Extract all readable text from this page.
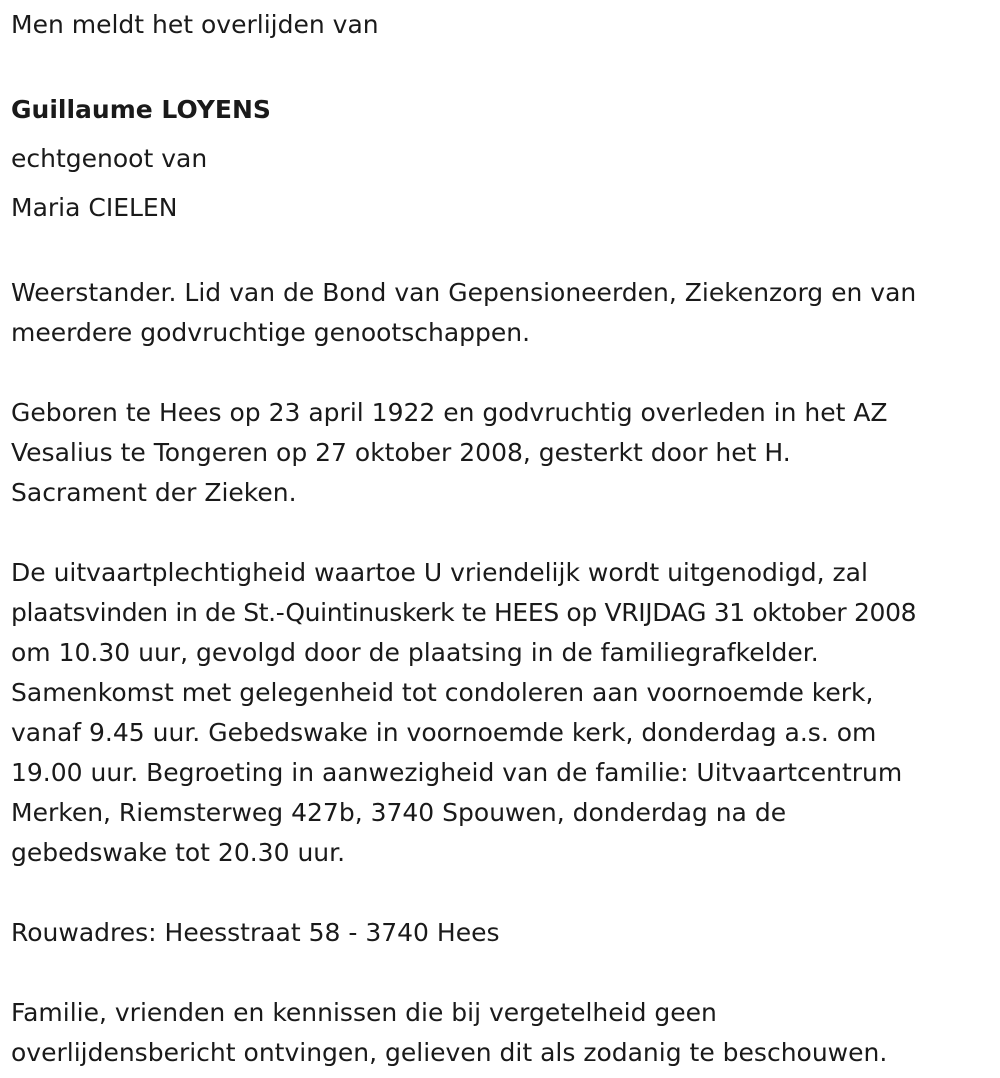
Men meldt het overlijden van
Guillaume LOYENS
echtgenoot van
Maria CIELEN
Weerstander. Lid van de Bond van Gepensioneerden, Ziekenzorg en van
meerdere godvruchtige genootschappen.
Geboren te Hees op 23 april 1922 en godvruchtig overleden in het AZ
Vesalius te Tongeren op 27 oktober 2008, gesterkt door het H.
Sacrament der Zieken.
De uitvaartplechtigheid waartoe U vriendelijk wordt uitgenodigd, zal
plaatsvinden in de St.-Quintinuskerk te HEES op VRIJDAG 31 oktober 2008
om 10.30 uur, gevolgd door de plaatsing in de familiegrafkelder.
Samenkomst met gelegenheid tot condoleren aan voornoemde kerk,
vanaf 9.45 uur. Gebedswake in voornoemde kerk, donderdag a.s. om
19.00 uur. Begroeting in aanwezigheid van de familie: Uitvaartcentrum
Merken, Riemsterweg 427b, 3740 Spouwen, donderdag na de
gebedswake tot 20.30 uur.
Rouwadres: Heesstraat 58 - 3740 Hees
Familie, vrienden en kennissen die bij vergetelheid geen
overlijdensbericht ontvingen, gelieven dit als zodanig te beschouwen.
